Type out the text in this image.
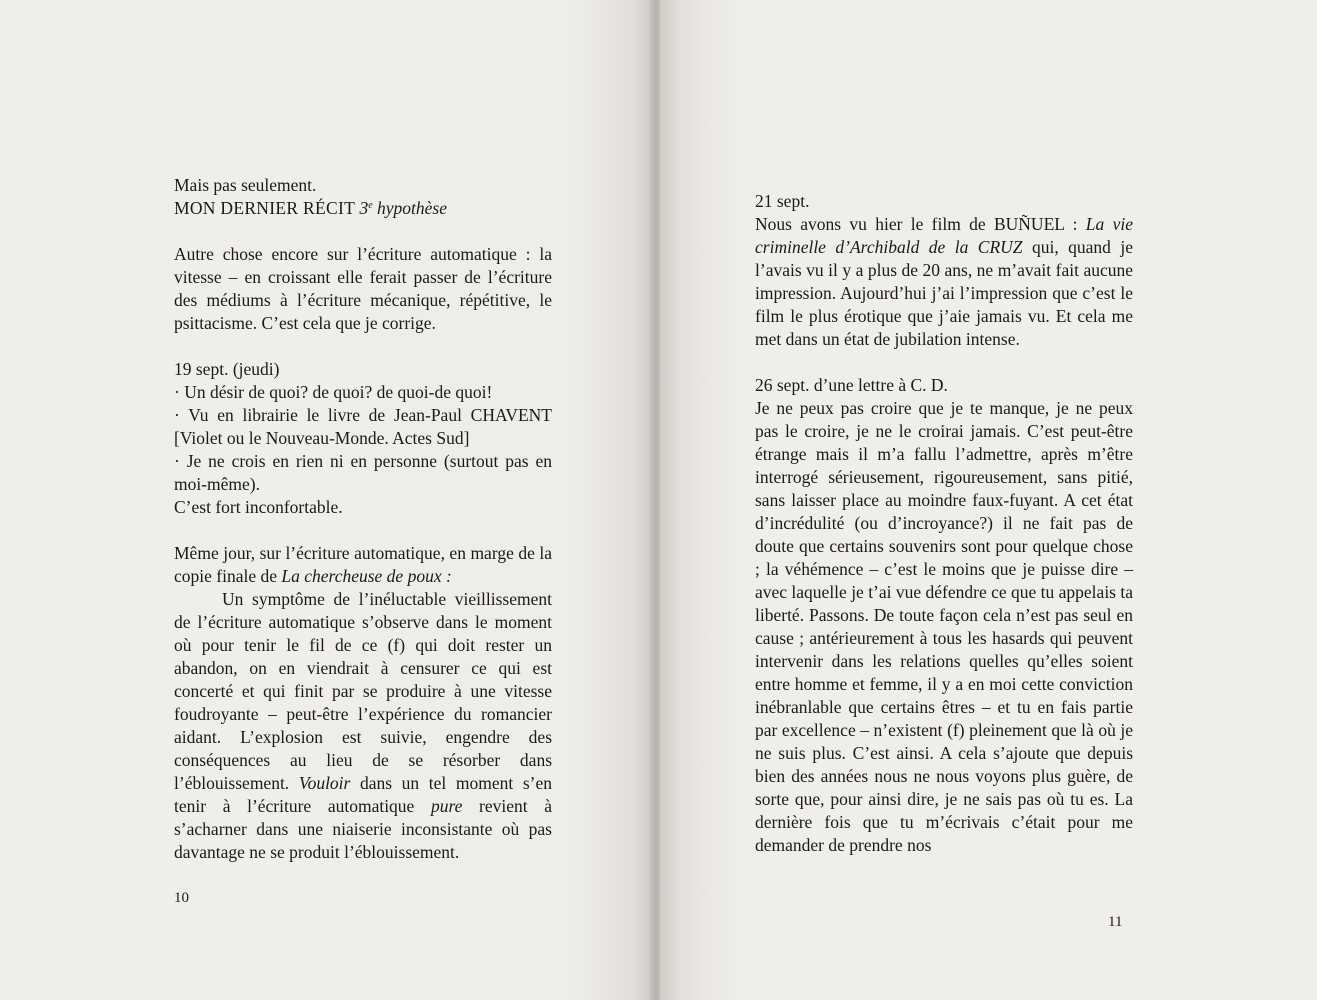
Mais pas seulement.

MON DERNIER RÉCIT 3e hypothèse

Autre chose encore sur l’écriture automatique : la vitesse – en croissant elle ferait passer de l’écriture des médiums à l’écriture mécanique, répétitive, le psittacisme. C’est cela que je corrige.

19 sept. (jeudi)

· Un désir de quoi? de quoi? de quoi-de quoi!

· Vu en librairie le livre de Jean-Paul CHAVENT [Violet ou le Nouveau-Monde. Actes Sud]

· Je ne crois en rien ni en personne (surtout pas en moi-même).

C’est fort inconfortable.

Même jour, sur l’écriture automatique, en marge de la copie finale de La chercheuse de poux :

Un symptôme de l’inéluctable vieillissement de l’écriture automatique s’observe dans le moment où pour tenir le fil de ce (f) qui doit rester un abandon, on en viendrait à censurer ce qui est concerté et qui finit par se produire à une vitesse foudroyante – peut-être l’expérience du romancier aidant. L’explosion est suivie, engendre des conséquences au lieu de se résorber dans l’éblouissement. Vouloir dans un tel moment s’en tenir à l’écriture automatique pure revient à s’acharner dans une niaiserie inconsistante où pas davantage ne se produit l’éblouissement.

10

21 sept.

Nous avons vu hier le film de BUÑUEL : La vie criminelle d’Archibald de la CRUZ qui, quand je l’avais vu il y a plus de 20 ans, ne m’avait fait aucune impression. Aujourd’hui j’ai l’impression que c’est le film le plus érotique que j’aie jamais vu. Et cela me met dans un état de jubilation intense.

26 sept. d’une lettre à C. D.

Je ne peux pas croire que je te manque, je ne peux pas le croire, je ne le croirai jamais. C’est peut-être étrange mais il m’a fallu l’admettre, après m’être interrogé sérieusement, rigoureusement, sans pitié, sans laisser place au moindre faux-fuyant. A cet état d’incrédulité (ou d’incroyance?) il ne fait pas de doute que certains souvenirs sont pour quelque chose ; la véhémence – c’est le moins que je puisse dire – avec laquelle je t’ai vue défendre ce que tu appelais ta liberté. Passons. De toute façon cela n’est pas seul en cause ; antérieurement à tous les hasards qui peuvent intervenir dans les relations quelles qu’elles soient entre homme et femme, il y a en moi cette conviction inébranlable que certains êtres – et tu en fais partie par excellence – n’existent (f) pleinement que là où je ne suis plus. C’est ainsi. A cela s’ajoute que depuis bien des années nous ne nous voyons plus guère, de sorte que, pour ainsi dire, je ne sais pas où tu es. La dernière fois que tu m’écrivais c’était pour me demander de prendre nos

11
